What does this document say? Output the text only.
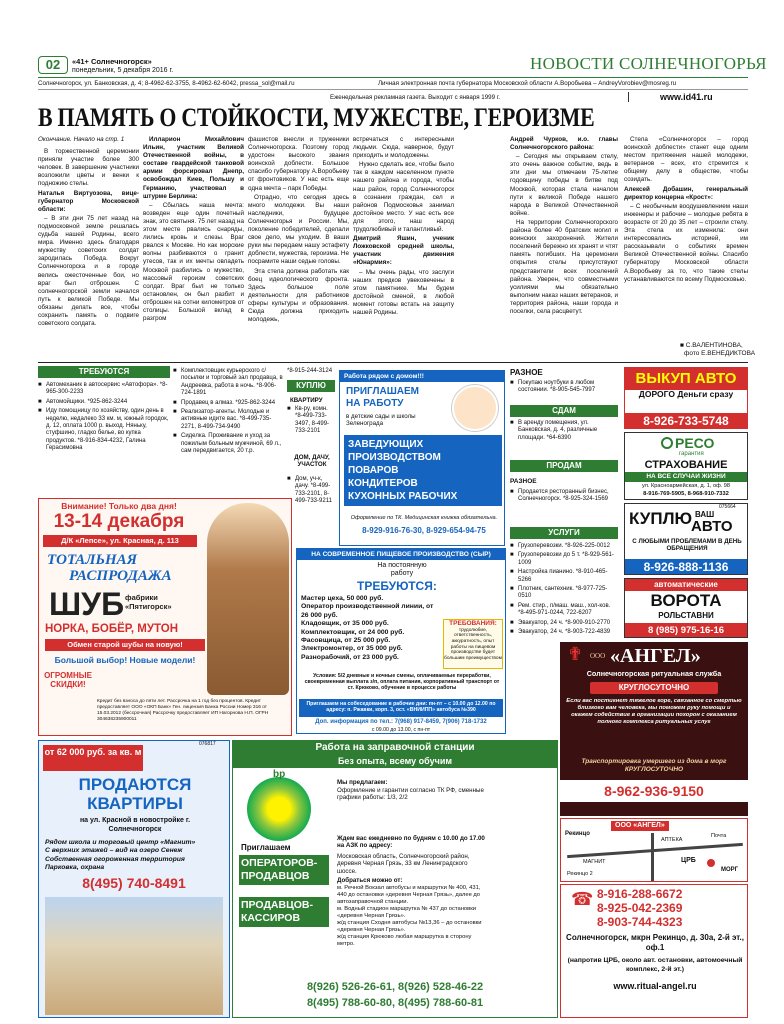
02	«41+ Солнечногорск»
понедельник, 5 декабря 2016 г.	НОВОСТИ СОЛНЕЧНОГОРЬЯ
Солнечногорск, ул. Банковская, д. 4; 8-4962-62-3755, 8-4962-62-6042, pressa_sol@mail.ru	Личная электронная почта губернатора Московской области А.Воробьева – AndreyVorobiev@mosreg.ru
Еженедельная рекламная газета. Выходит с января 1999 г.	www.id41.ru
В ПАМЯТЬ О СТОЙКОСТИ, МУЖЕСТВЕ, ГЕРОИЗМЕ

Окончание. Начало на стр. 1

В торжественной церемонии приняли участие более 300 человек. В завершение участники возложили цветы и венки к подножию стелы.

Наталья Виртуозова, вице-губернатор Московской области:

– В эти дни 75 лет назад на подмосковной земле решалась судьба нашей Родины, всего мира. Именно здесь благодаря мужеству советских солдат зародилась Победа. Вокруг Солнечногорска и в городе велись ожесточенные бои, но враг был отброшен. С солнечногорской земли начался путь к великой Победе. Мы обязаны делать все, чтобы сохранить память о подвиге советского солдата.

Илларион Михайлович Ильин, участник Великой Отечественной войны, в составе гвардейской танковой армии форсировал Днепр, освобождал Киев, Польшу и Германию, участвовал в штурме Берлина:

– Сбылась наша мечта: возведен еще один почетный знак, это святыня. 75 лет назад на этом месте рвались снаряды, лились кровь и слезы. Враг рвался к Москве. Но как морские волны разбиваются о гранит утесов, так и их мечты овладеть Москвой разбились о мужество, массовый героизм советских солдат. Враг был не только остановлен, он был разбит и отброшен на сотни километров от столицы. Большой вклад в разгром

фашистов внесли и труженики Солнечногорска. Поэтому город удостоен высокого звания воинской доблести. Большое спасибо губернатору А.Воробьеву от фронтовиков. У нас есть еще одна мечта – парк Победы.

Отрадно, что сегодня здесь много молодежи. Вы наши наследники, будущее Солнечногорья и России. Мы, поколение победителей, сделали свое дело, мы уходим. В ваши руки мы передаем нашу эстафету доблести, мужества, героизма. Не посрамите наши седые головы.

Эта стела должна работать как боец идеологического фронта. Здесь большое поле деятельности для работников сферы культуры и образования. Сюда должна приходить молодежь,

встречаться с интересными людьми. Сюда, наверное, будут приходить и молодожены.

Нужно сделать все, чтобы было так в каждом населенном пункте нашего района и города, чтобы наш район, город Солнечногорск в сознании граждан, сел и районов Подмосковья занимал достойное место. У нас есть все для этого, наш народ трудолюбивый и талантливый.

Дмитрий Яшин, ученик Ложковской средней школы, участник движения «Юнармия»:

– Мы очень рады, что заслуги наших предков увековечены в этом памятнике. Мы будем достойной сменой, в любой момент готовы встать на защиту нашей Родины.

Андрей Чурков, и.о. главы Солнечногорского района:

– Сегодня мы открываем стелу, это очень важное событие, ведь в эти дни мы отмечаем 75-летие годовщину победы в битве под Москвой, которая стала началом пути к великой Победе нашего народа в Великой Отечественной войне.

На территории Солнечногорского района более 40 братских могил и воинских захоронений. Жители поселений бережно их хранят и чтят память погибших. На церемонии открытия стелы присутствуют представители всех поселений района. Уверен, что совместными усилиями мы обязательно выполним наказ наших ветеранов, и территория района, наши города и поселки, села расцветут.

Стела «Солнечногорск – город воинской доблести» станет еще одним местом притяжения нашей молодежи, ветеранов – всех, кто стремится к общему делу в обществе, чтобы созидать.

Алексей Добашин, генеральный директор концерна «Крост»:

– С необычным воодушевлением наши инженеры и рабочие – молодые ребята в возрасте от 20 до 35 лет – строили стелу. Эта стела их изменила: они интересовались историей, им рассказывали о событиях времен Великой Отечественной войны. Спасибо губернатору Московской области А.Воробьеву за то, что такие стелы устанавливаются по всему Подмосковью.

■ С.ВАЛЕНТИНОВА,
фото Е.ВЕНЕДИКТОВА
ТРЕБУЮТСЯ
■ Автомеханик в автосервис «Автофора». *8-965-300-2233
■ Автомойщики. *925-862-3244
■ Иду помощницу по хозяйству, один день в неделю, недалеко 33 км. м, южный городок, д. 12, оплата 1000 р. выход. Няньку, стуфшино, гладко белье, во купка продуктов. *8-916-834-4232, Галина Герасимовна
■ Комплектовщик курьерского с/посылки и торговый зал продавца, в Андреевка, работа в ночь. *8-906-724-1891
■ Продавец в алмаз. *925-862-3244
■ Реализатор-агенты. Молодые и активные идите вас. *8-499-735-2271, 8-499-734-9490
■ Сиделка. Проживание и уход за пожилым больным мужчиной, 69 л., сам передвигается, 20 т.р.
*8-915-244-3124
КУПЛЮ
КВАРТИРУ
■ Кв-ру, комн. *8-499-733-3497, 8-499-733-2101
ДОМ, ДАЧУ, УЧАСТОК
■ Дом, уч-к, дачу. *8-499-733-2101, 8-499-733-9211
Работа рядом с домом!!!
ПРИГЛАШАЕМ
НА РАБОТУ
в детские сады и школы Зеленограда
ЗАВЕДУЮЩИХ ПРОИЗВОДСТВОМ
ПОВАРОВ
КОНДИТЕРОВ
КУХОННЫХ РАБОЧИХ
Оформление по ТК. Медицинская книжка обязательна.
8-929-916-76-30, 8-929-654-94-75
РАЗНОЕ
■ Покупаю ноутбуки в любом состоянии. *8-905-545-7997
СДАМ
■ В аренду помещения, ул. Банковская, д. 4, различные площади. *64-6390
ПРОДАМ
РАЗНОЕ
■ Продается ресторанный бизнес, Солнечногорск. *8-925-324-1569
УСЛУГИ
■ Грузоперевозки. *8-926-225-0012
■ Грузоперевозки до 5 т. *8-929-561-1009
■ Настройка пианино. *8-910-465-5266
■ Плотник, сантехник. *8-977-725-0510
■ Рем. стир., п/маш. маш., хол-ков. *8-495-971-0244, 722-6207
■ Эвакуатор, 24 ч. *8-909-910-2770
■ Эвакуатор, 24 ч. *8-903-722-4839
ВЫКУП АВТО
ДОРОГО Деньги сразу
8-926-733-5748
РЕСО
гарантия
СТРАХОВАНИЕ
НА ВСЕ СЛУЧАИ ЖИЗНИ
ул. Красноармейская, д. 1, оф. 98
8-916-769-5905, 8-968-910-7332
075664
КУПЛЮ ВАШ
АВТО
С ЛЮБЫМИ ПРОБЛЕМАМИ В ДЕНЬ ОБРАЩЕНИЯ
8-926-888-1136
автоматические
ВОРОТА
РОЛЬСТАВНИ
8 (985) 975-16-16
ООО «АНГЕЛ»
✟
Солнечногорская ритуальная служба
КРУГЛОСУТОЧНО
Если вас постигнет тяжелое горе, связанное со смертью близкого вам человека, мы поможем руку помощи и окажем содействие в организации похорон с оказанием полного комплекса ритуальных услуг
Транспортировка умершего из дома в морг КРУГЛОСУТОЧНО
8-962-936-9150
ООО «АНГЕЛ»
Рекинцо
МАГНИТ
АПТЕКА
ЦРБ
МОРГ
Рекинцо 2
Почта
☎ 8-916-288-6672
8-925-042-2369
8-903-744-4323
Солнечногорск, мкрн Рекинцо, д. 30а, 2-й эт., оф.1
(напротив ЦРБ, около авт. остановки, автомоечный комплекс, 2-й эт.)
www.ritual-angel.ru
Внимание! Только два дня!
13-14 декабря
Д/К «Лепсе», ул. Красная, д. 113
ТОТАЛЬНАЯ
РАСПРОДАЖА
ШУБ фабрики «Пятигорск»
НОРКА, БОБЁР, МУТОН
Обмен старой шубы на новую!
Большой выбор! Новые модели!
ОГРОМНЫЕ СКИДКИ!
Кредит без взноса до пяти лет. Рассрочка на 1 год без процентов. Кредит предоставляет ООО «ОКП Банк» Ген. лицензия Банка России Номер 316 от 15.03.2012 (бессрочная) Рассрочку предоставляет ИП Нагорнова Н.П. ОГРН 304638235900011
НА СОВРЕМЕННОЕ ПИЩЕВОЕ ПРОИЗВОДСТВО (СЫР)
На постоянную работу
ТРЕБУЮТСЯ:
Мастер цеха, 50 000 руб.
Оператор производственной линии, от 26 000 руб.
Кладовщик, от 35 000 руб.
Комплектовщик, от 24 000 руб.
Фасовщица, от 25 000 руб.
Электромонтер, от 35 000 руб.
Разнорабочий, от 23 000 руб.
ТРЕБОВАНИЯ:
трудолюбие, ответственность, аккуратность, опыт работы на пищевом производстве будет большим преимуществом
Условия: 5/2 дневные и ночные смены, оплачиваемые переработки, своевременная выплата з/п, оплата питания, корпоративный транспорт от ст. Крюково, обучение в процессе работы
Приглашаем на собеседование в рабочие дни: пн-пт – с 10.00 до 12.00 по адресу: п. Ржавки, корп. 3, ост. «ВНИИПП» автобуса №390
Доп. информация по тел.: 7(968) 917-8459, 7(906) 718-1732
с 09.00 до 13.00, с пн-пт
076817
от 62 000 руб. за кв. м
ПРОДАЮТСЯ КВАРТИРЫ
на ул. Красной в новостройке г. Солнечногорск
Рядом школа и торговый центр «Магнит»
С верхних этажей – вид на озеро Сенеж
Собственная огороженная территория
Парковка, охрана
8(495) 740-8491
Работа на заправочной станции
Без опыта, всему обучим
bp
Мы предлагаем:
Оформление и гарантии согласно ТК РФ, сменные графики работы: 1/3, 2/2
Приглашаем
ОПЕРАТОРОВ-ПРОДАВЦОВ
ПРОДАВЦОВ-КАССИРОВ
Ждем вас ежедневно по будням с 10.00 до 17.00 на АЗК по адресу:
Московская область, Солнечногорский район, деревня Черная Грязь, 33 км Ленинградского шоссе.
Добраться можно от:
м. Речной Вокзал автобусы и маршрутки № 400, 431, 440 до остановки «деревня Черная Грязь», далее до автозаправочной станции.
м. Водный стадион маршрутка № 437 до остановки «деревня Черная Грязь».
ж/д станция Сходня автобусы №13,36 – до остановки «деревня Черная Грязь».
ж/д станция Крюково любая маршрутка в сторону метро.
8(926) 526-26-61, 8(926) 528-46-22
8(495) 788-60-80, 8(495) 788-60-81
